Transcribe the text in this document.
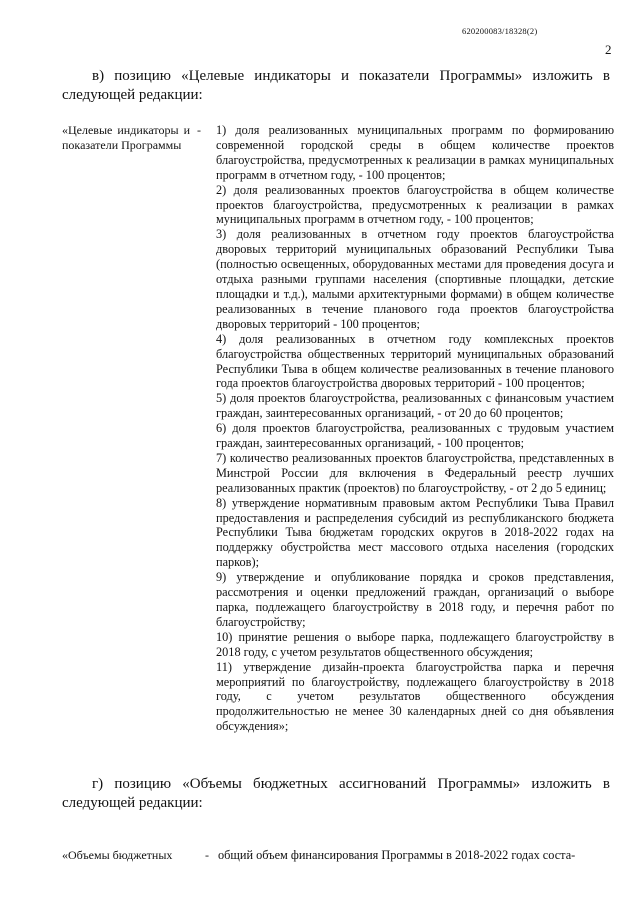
620200083/18328(2)
2

в) позицию «Целевые индикаторы и показатели Программы» изложить в следующей редакции:

«Целевые индикаторы и показатели Программы
- 1) доля реализованных муниципальных программ по формированию современной городской среды в общем количестве проектов благоустройства, предусмотренных к реализации в рамках муниципальных программ в отчетном году, - 100 процентов;

2) доля реализованных проектов благоустройства в общем количестве проектов благоустройства, предусмотренных к реализации в рамках муниципальных программ в отчетном году, - 100 процентов;

3) доля реализованных в отчетном году проектов благоустройства дворовых территорий муниципальных образований Республики Тыва (полностью освещенных, оборудованных местами для проведения досуга и отдыха разными группами населения (спортивные площадки, детские площадки и т.д.), малыми архитектурными формами) в общем количестве реализованных в течение планового года проектов благоустройства дворовых территорий - 100 процентов;

4) доля реализованных в отчетном году комплексных проектов благоустройства общественных территорий муниципальных образований Республики Тыва в общем количестве реализованных в течение планового года проектов благоустройства дворовых территорий - 100 процентов;

5) доля проектов благоустройства, реализованных с финансовым участием граждан, заинтересованных организаций, - от 20 до 60 процентов;

6) доля проектов благоустройства, реализованных с трудовым участием граждан, заинтересованных организаций, - 100 процентов;

7) количество реализованных проектов благоустройства, представленных в Минстрой России для включения в Федеральный реестр лучших реализованных практик (проектов) по благоустройству, - от 2 до 5 единиц;

8) утверждение нормативным правовым актом Республики Тыва Правил предоставления и распределения субсидий из республиканского бюджета Республики Тыва бюджетам городских округов в 2018-2022 годах на поддержку обустройства мест массового отдыха населения (городских парков);

9) утверждение и опубликование порядка и сроков представления, рассмотрения и оценки предложений граждан, организаций о выборе парка, подлежащего благоустройству в 2018 году, и перечня работ по благоустройству;

10) принятие решения о выборе парка, подлежащего благоустройству в 2018 году, с учетом результатов общественного обсуждения;

11) утверждение дизайн-проекта благоустройства парка и перечня мероприятий по благоустройству, подлежащего благоустройству в 2018 году, с учетом результатов общественного обсуждения продолжительностью не менее 30 календарных дней со дня объявления обсуждения»;

г) позицию «Объемы бюджетных ассигнований Программы» изложить в следующей редакции:

«Объемы бюджетных	- общий объем финансирования Программы в 2018-2022 годах соста-
